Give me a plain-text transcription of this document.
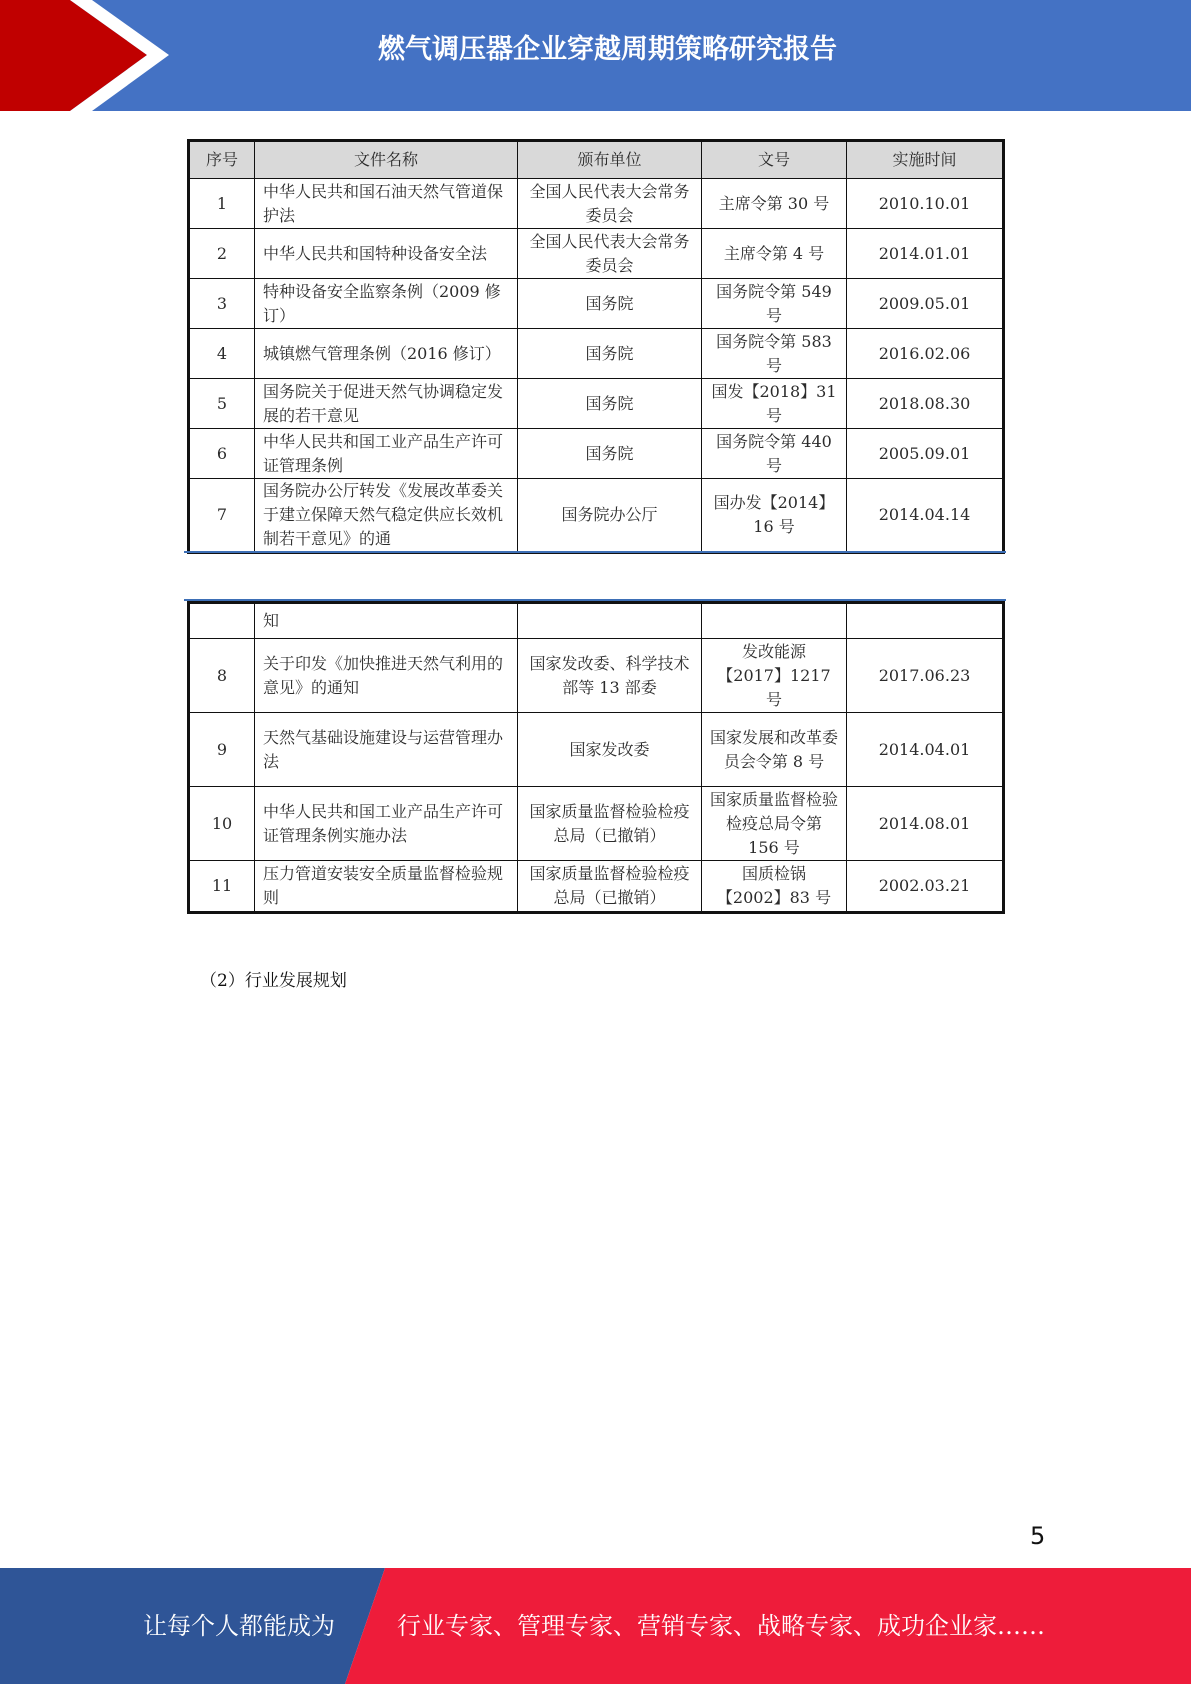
燃气调压器企业穿越周期策略研究报告
序号	文件名称	颁布单位	文号	实施时间
1	中华人民共和国石油天然气管道保护法	全国人民代表大会常务委员会	主席令第 30 号	2010.10.01
2	中华人民共和国特种设备安全法	全国人民代表大会常务委员会	主席令第 4 号	2014.01.01
3	特种设备安全监察条例（2009 修订）	国务院	国务院令第 549 号	2009.05.01
4	城镇燃气管理条例（2016 修订）	国务院	国务院令第 583 号	2016.02.06
5	国务院关于促进天然气协调稳定发展的若干意见	国务院	国发【2018】31 号	2018.08.30
6	中华人民共和国工业产品生产许可证管理条例	国务院	国务院令第 440 号	2005.09.01
7	国务院办公厅转发《发展改革委关于建立保障天然气稳定供应长效机制若干意见》的通	国务院办公厅	国办发【2014】16 号	2014.04.14
	知			
8	关于印发《加快推进天然气利用的意见》的通知	国家发改委、科学技术部等 13 部委	发改能源【2017】1217 号	2017.06.23
9	天然气基础设施建设与运营管理办法	国家发改委	国家发展和改革委员会令第 8 号	2014.04.01
10	中华人民共和国工业产品生产许可证管理条例实施办法	国家质量监督检验检疫总局（已撤销）	国家质量监督检验检疫总局令第 156 号	2014.08.01
11	压力管道安装安全质量监督检验规则	国家质量监督检验检疫总局（已撤销）	国质检锅【2002】83 号	2002.03.21
（2）行业发展规划
5
让每个人都能成为	行业专家、管理专家、营销专家、战略专家、成功企业家……
